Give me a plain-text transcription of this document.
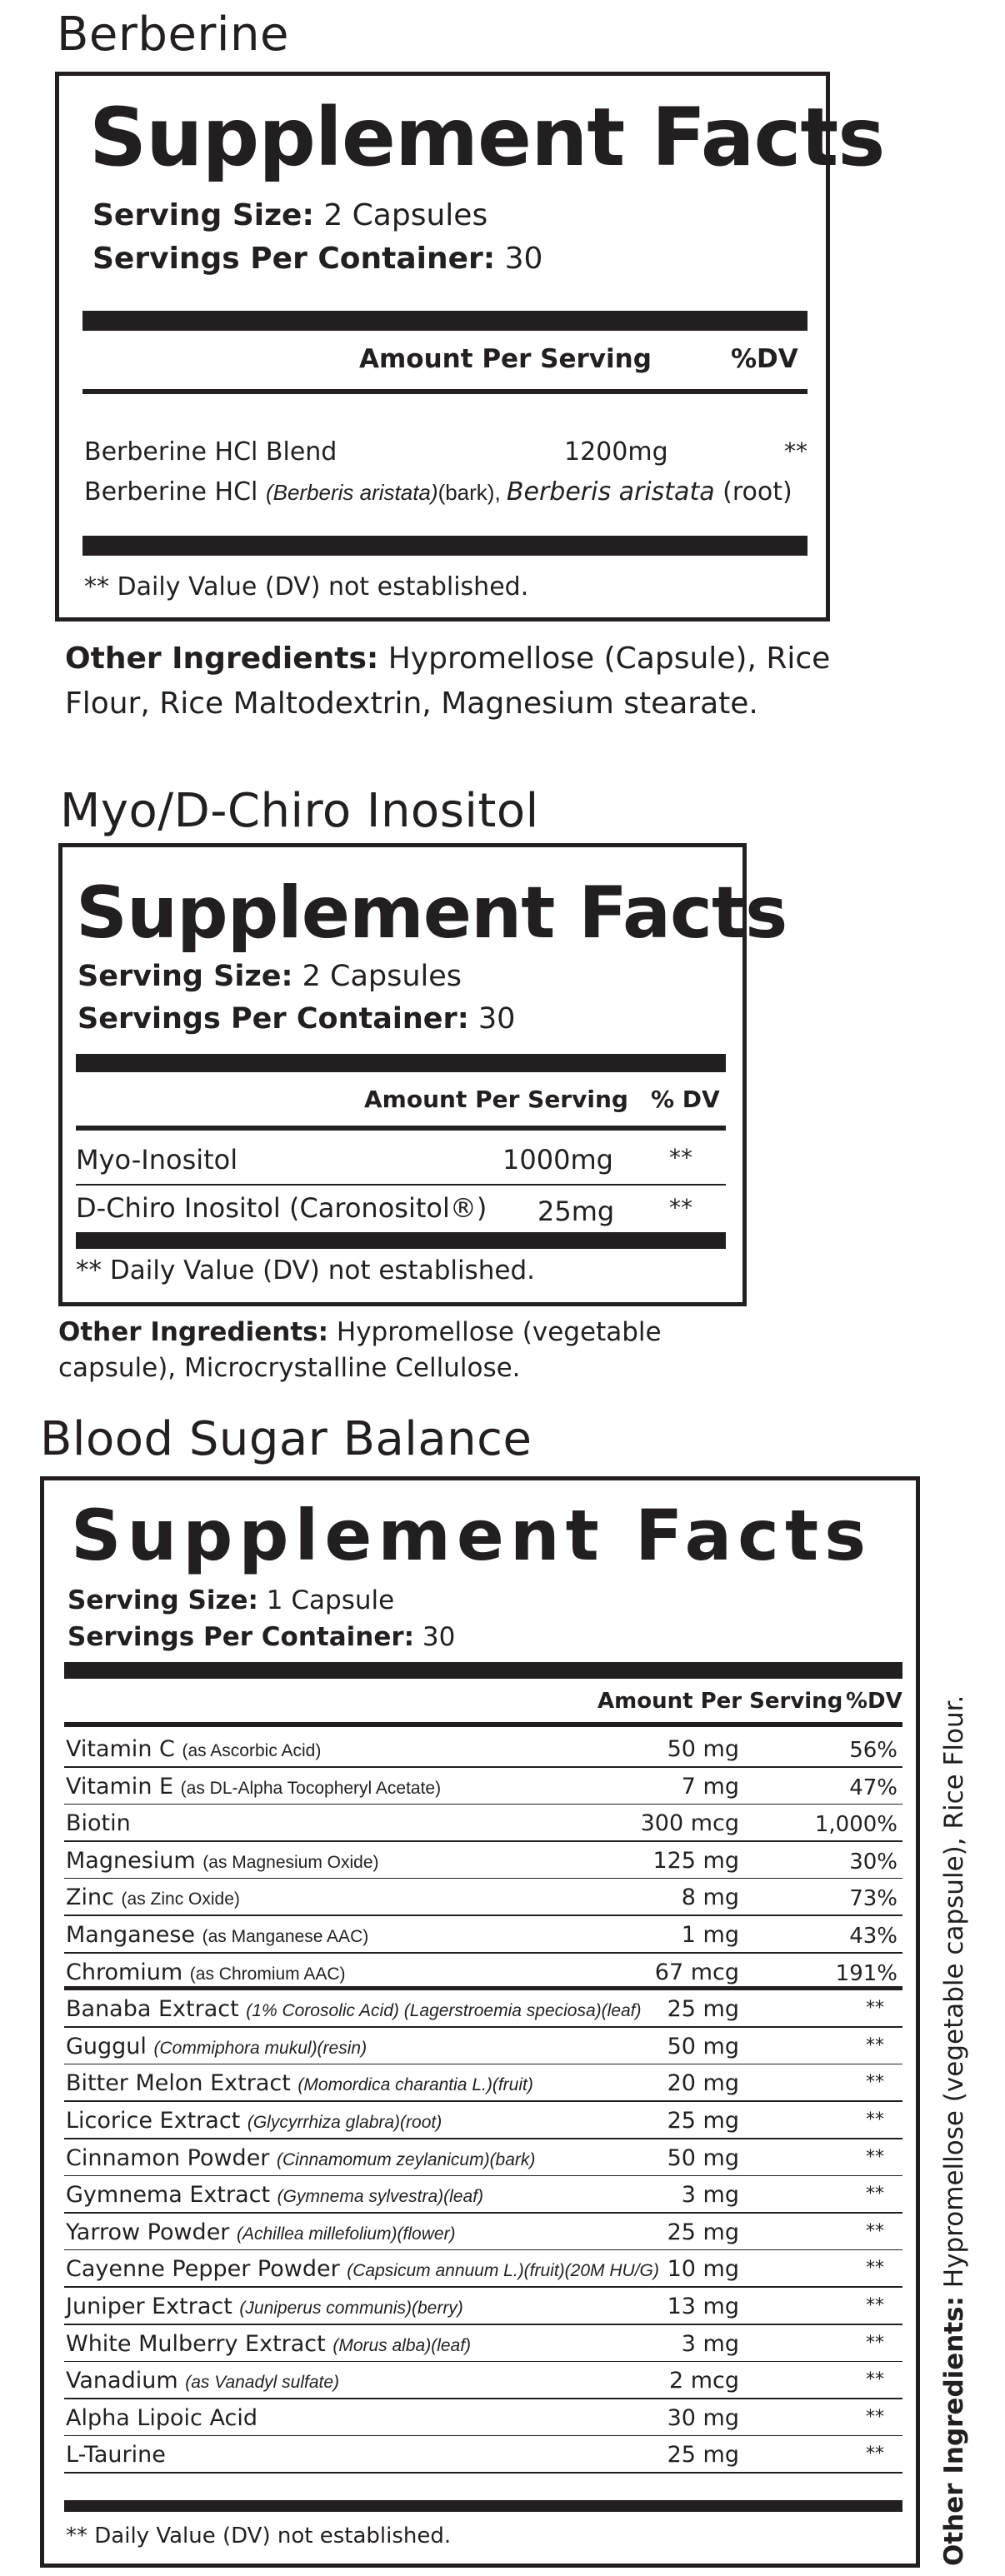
Berberine
Supplement Facts
Serving Size: 2 Capsules
Servings Per Container: 30
Amount Per Serving	%DV
Berberine HCl Blend	1200mg	**
Berberine HCl (Berberis aristata)(bark), Berberis aristata (root)
** Daily Value (DV) not established.
Other Ingredients: Hypromellose (Capsule), Rice Flour, Rice Maltodextrin, Magnesium stearate.
Myo/D-Chiro Inositol
Supplement Facts
Serving Size: 2 Capsules
Servings Per Container: 30
Amount Per Serving % DV
Myo-Inositol	1000mg **
D-Chiro Inositol (Caronositol®) 25mg **
** Daily Value (DV) not established.
Other Ingredients: Hypromellose (vegetable capsule), Microcrystalline Cellulose.
Blood Sugar Balance
Supplement Facts
Serving Size: 1 Capsule
Servings Per Container: 30
Amount Per Serving %DV
Vitamin C (as Ascorbic Acid)	50 mg	56%
Vitamin E (as DL-Alpha Tocopheryl Acetate)	7 mg	47%
Biotin	300 mcg	1,000%
Magnesium (as Magnesium Oxide)	125 mg	30%
Zinc (as Zinc Oxide)	8 mg	73%
Manganese (as Manganese AAC)	1 mg	43%
Chromium (as Chromium AAC)	67 mcg	191%
Banaba Extract (1% Corosolic Acid) (Lagerstroemia speciosa)(leaf) 25 mg	**
Guggul (Commiphora mukul)(resin)	50 mg	**
Bitter Melon Extract (Momordica charantia L.)(fruit)	20 mg	**
Licorice Extract (Glycyrrhiza glabra)(root)	25 mg	**
Cinnamon Powder (Cinnamomum zeylanicum)(bark)	50 mg	**
Gymnema Extract (Gymnema sylvestra)(leaf)	3 mg	**
Yarrow Powder (Achillea millefolium)(flower)	25 mg	**
Cayenne Pepper Powder (Capsicum annuum L.)(fruit)(20M HU/G) 10 mg	**
Juniper Extract (Juniperus communis)(berry)	13 mg	**
White Mulberry Extract (Morus alba)(leaf)	3 mg	**
Vanadium (as Vanadyl sulfate)	2 mcg	**
Alpha Lipoic Acid	30 mg	**
L-Taurine	25 mg	**
** Daily Value (DV) not established.	Other Ingredients: Hypromellose (vegetable capsule), Rice Flour.
